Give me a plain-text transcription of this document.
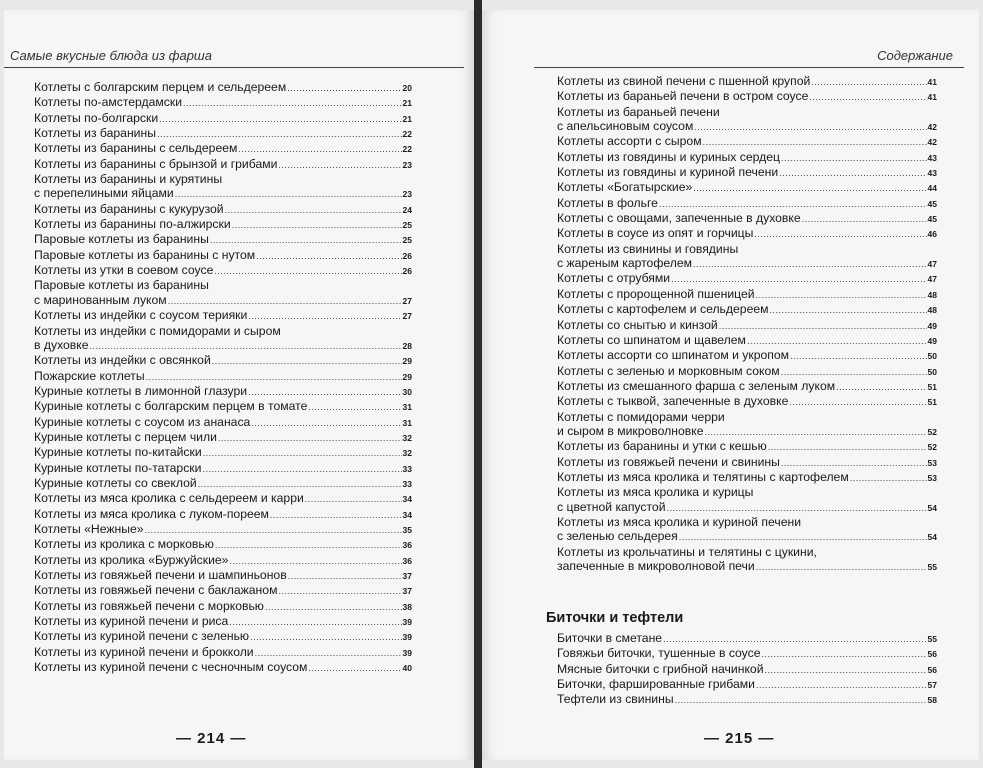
Самые вкусные блюда из фарша
Котлеты с болгарским перцем и сельдереем .....	20
Котлеты по-амстердамски .....	21
Котлеты по-болгарски .....	21
Котлеты из баранины .....	22
Котлеты из баранины с сельдереем .....	22
Котлеты из баранины с брынзой и грибами .....	23
Котлеты из баранины и курятины
с перепелиными яйцами .....	23
Котлеты из баранины с кукурузой .....	24
Котлеты из баранины по-алжирски .....	25
Паровые котлеты из баранины .....	25
Паровые котлеты из баранины с нутом .....	26
Котлеты из утки в соевом соусе .....	26
Паровые котлеты из баранины
с маринованным луком .....	27
Котлеты из индейки с соусом терияки .....	27
Котлеты из индейки с помидорами и сыром
в духовке .....	28
Котлеты из индейки с овсянкой .....	29
Пожарские котлеты .....	29
Куриные котлеты в лимонной глазури .....	30
Куриные котлеты с болгарским перцем в томате .....	31
Куриные котлеты с соусом из ананаса .....	31
Куриные котлеты с перцем чили .....	32
Куриные котлеты по-китайски .....	32
Куриные котлеты по-татарски .....	33
Куриные котлеты со свеклой .....	33
Котлеты из мяса кролика с сельдереем и карри .....	34
Котлеты из мяса кролика с луком-пореем .....	34
Котлеты «Нежные» .....	35
Котлеты из кролика с морковью .....	36
Котлеты из кролика «Буржуйские» .....	36
Котлеты из говяжьей печени и шампиньонов .....	37
Котлеты из говяжьей печени с баклажаном .....	37
Котлеты из говяжьей печени с морковью .....	38
Котлеты из куриной печени и риса .....	39
Котлеты из куриной печени с зеленью .....	39
Котлеты из куриной печени и брокколи .....	39
Котлеты из куриной печени с чесночным соусом .....	40
— 214 —
Содержание
Котлеты из свиной печени с пшенной крупой .....	41
Котлеты из бараньей печени в остром соусе .....	41
Котлеты из бараньей печени
с апельсиновым соусом .....	42
Котлеты ассорти с сыром .....	42
Котлеты из говядины и куриных сердец .....	43
Котлеты из говядины и куриной печени .....	43
Котлеты «Богатырские» .....	44
Котлеты в фольге .....	45
Котлеты с овощами, запеченные в духовке .....	45
Котлеты в соусе из опят и горчицы .....	46
Котлеты из свинины и говядины
с жареным картофелем .....	47
Котлеты с отрубями .....	47
Котлеты с пророщенной пшеницей .....	48
Котлеты с картофелем и сельдереем .....	48
Котлеты со снытью и кинзой .....	49
Котлеты со шпинатом и щавелем .....	49
Котлеты ассорти со шпинатом и укропом .....	50
Котлеты с зеленью и морковным соком .....	50
Котлеты из смешанного фарша с зеленым луком .....	51
Котлеты с тыквой, запеченные в духовке .....	51
Котлеты с помидорами черри
и сыром в микроволновке .....	52
Котлеты из баранины и утки с кешью .....	52
Котлеты из говяжьей печени и свинины .....	53
Котлеты из мяса кролика и телятины с картофелем .....	53
Котлеты из мяса кролика и курицы
с цветной капустой .....	54
Котлеты из мяса кролика и куриной печени
с зеленью сельдерея .....	54
Котлеты из крольчатины и телятины с цукини,
запеченные в микроволновой печи .....	55
Биточки и тефтели
Биточки в сметане .....	55
Говяжьи биточки, тушенные в соусе .....	56
Мясные биточки с грибной начинкой .....	56
Биточки, фаршированные грибами .....	57
Тефтели из свинины .....	58
— 215 —
